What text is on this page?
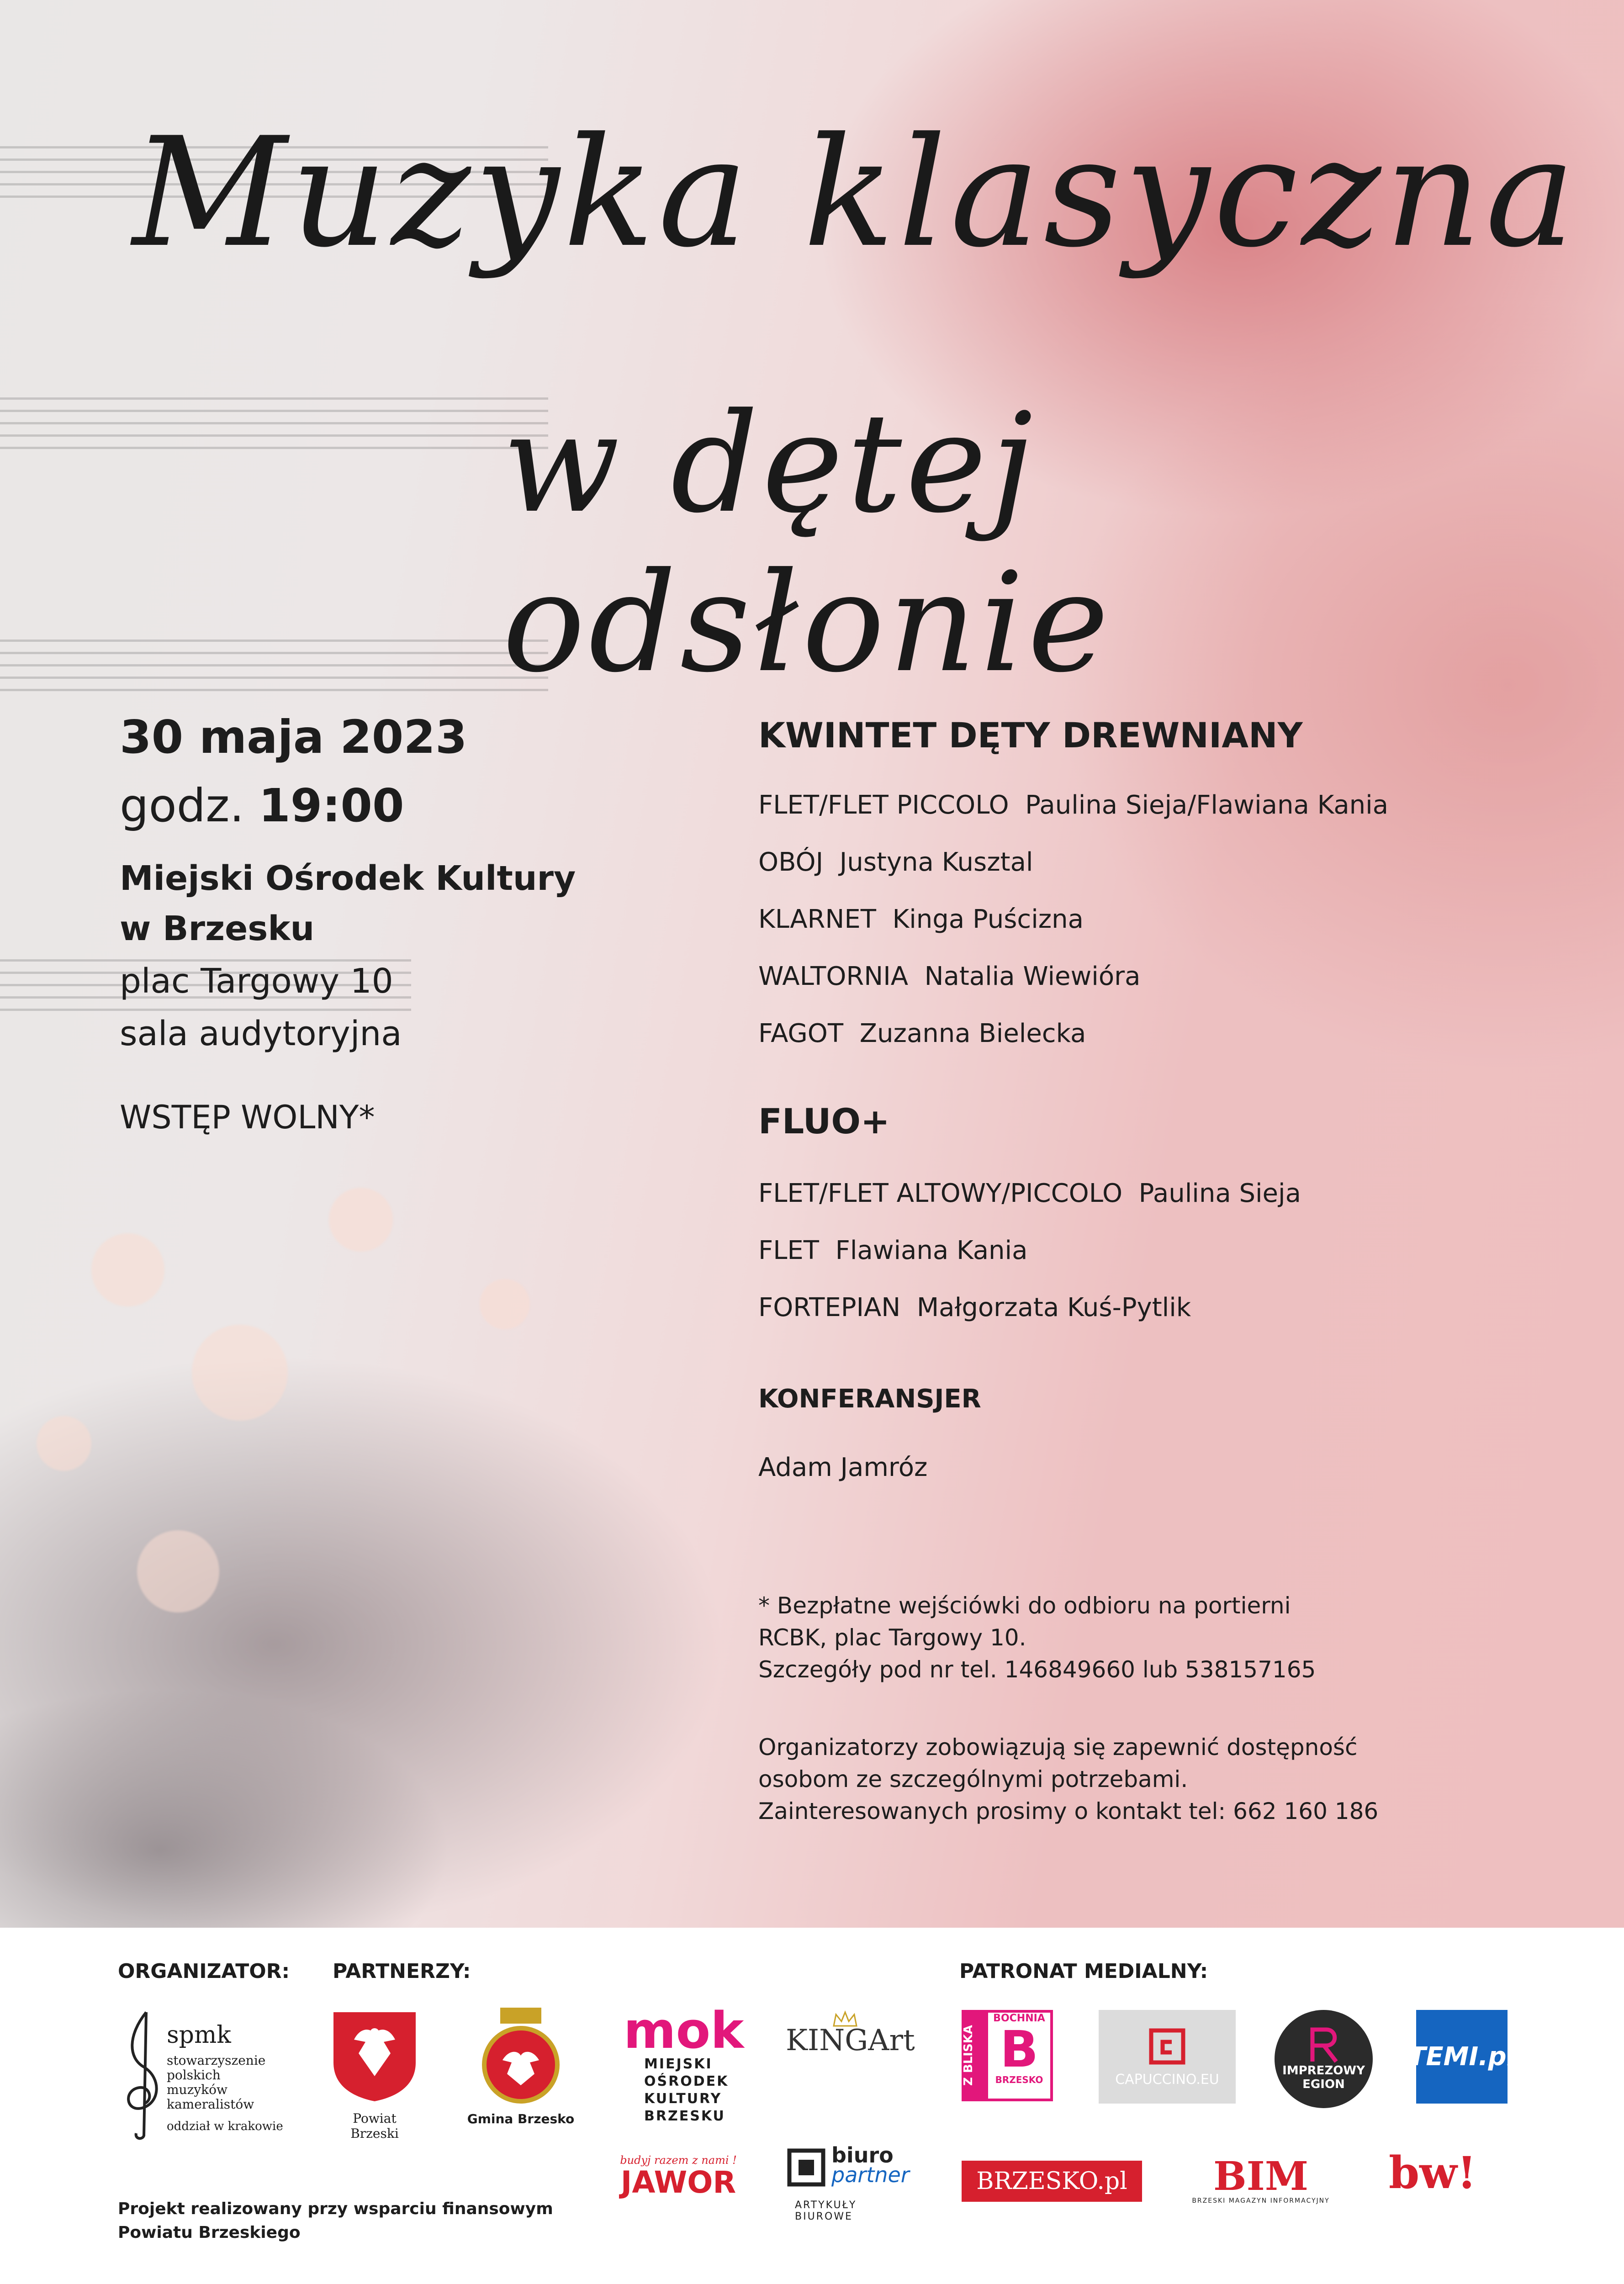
Muzyka klasyczna
w dętej odsłonie
30 maja 2023
godz. 19:00
Miejski Ośrodek Kultury
w Brzesku
plac Targowy 10
sala audytoryjna
WSTĘP WOLNY*
KWINTET DĘTY DREWNIANY
FLET/FLET PICCOLO Paulina Sieja/Flawiana Kania
OBÓJ Justyna Kusztal
KLARNET Kinga Puścizna
WALTORNIA Natalia Wiewióra
FAGOT Zuzanna Bielecka
FLUO+
FLET/FLET ALTOWY/PICCOLO Paulina Sieja
FLET Flawiana Kania
FORTEPIAN Małgorzata Kuś-Pytlik
KONFERANSJER
Adam Jamróz
* Bezpłatne wejściówki do odbioru na portierni
RCBK, plac Targowy 10.
Szczegóły pod nr tel. 146849660 lub 538157165
Organizatorzy zobowiązują się zapewnić dostępność
osobom ze szczególnymi potrzebami.
Zainteresowanych prosimy o kontakt tel: 662 160 186
ORGANIZATOR: PARTNERZY:	PATRONAT MEDIALNY:
spmk
stowarzyszenie
polskich
muzyków
kameralistów
oddział w krakowie
Powiat Brzeski
Gmina Brzesko
mok
MIEJSKI
OŚRODEK
KULTURY
BRZESKU
KINGArt
budyj razem z nami !
JAWOR
biuro
partner
ARTYKUŁY BIUROWE
Z BLISKA
BOCHNIA
B
BRZESKO	CAPUCCINO.EU
IMPREZOWY
EGION
TEMI.pl
BRZESKO.pl	BIM
BRZESKI MAGAZYN INFORMACYJNY
bw!
Projekt realizowany przy wsparciu finansowym
Powiatu Brzeskiego
